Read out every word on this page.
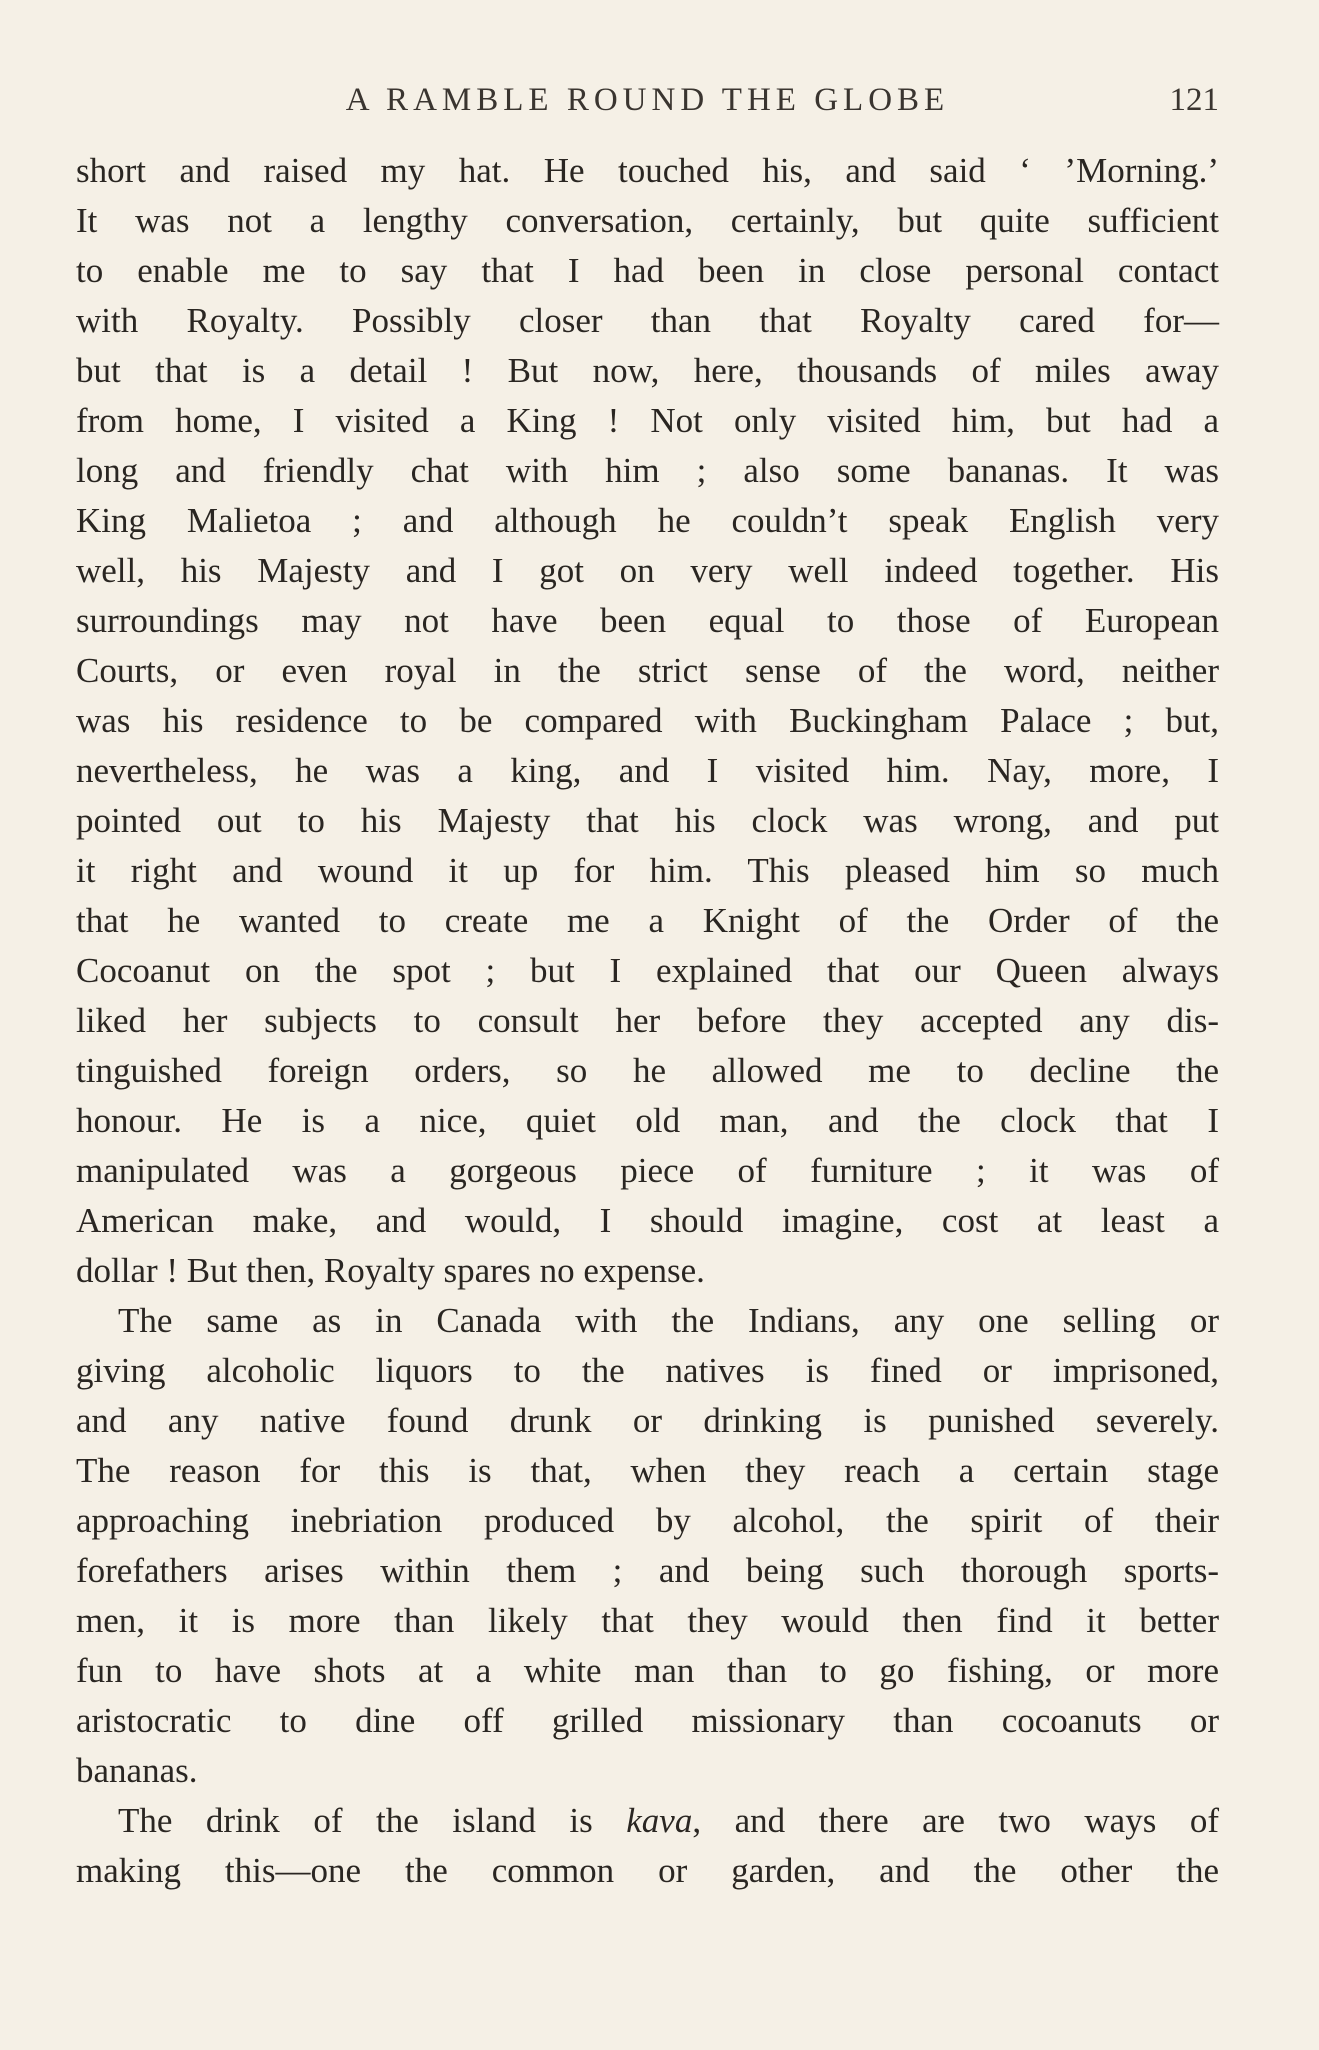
A RAMBLE ROUND THE GLOBE	121
short and raised my hat. He touched his, and said ‘ ’Morning.’
It was not a lengthy conversation, certainly, but quite sufficient
to enable me to say that I had been in close personal contact
with Royalty. Possibly closer than that Royalty cared for—
but that is a detail ! But now, here, thousands of miles away
from home, I visited a King ! Not only visited him, but had a
long and friendly chat with him ; also some bananas. It was
King Malietoa ; and although he couldn’t speak English very
well, his Majesty and I got on very well indeed together. His
surroundings may not have been equal to those of European
Courts, or even royal in the strict sense of the word, neither
was his residence to be compared with Buckingham Palace ; but,
nevertheless, he was a king, and I visited him. Nay, more, I
pointed out to his Majesty that his clock was wrong, and put
it right and wound it up for him. This pleased him so much
that he wanted to create me a Knight of the Order of the
Cocoanut on the spot ; but I explained that our Queen always
liked her subjects to consult her before they accepted any dis-
tinguished foreign orders, so he allowed me to decline the
honour. He is a nice, quiet old man, and the clock that I
manipulated was a gorgeous piece of furniture ; it was of
American make, and would, I should imagine, cost at least a
dollar ! But then, Royalty spares no expense.
The same as in Canada with the Indians, any one selling or
giving alcoholic liquors to the natives is fined or imprisoned,
and any native found drunk or drinking is punished severely.
The reason for this is that, when they reach a certain stage
approaching inebriation produced by alcohol, the spirit of their
forefathers arises within them ; and being such thorough sports-
men, it is more than likely that they would then find it better
fun to have shots at a white man than to go fishing, or more
aristocratic to dine off grilled missionary than cocoanuts or
bananas.
The drink of the island is kava, and there are two ways of
making this—one the common or garden, and the other the
